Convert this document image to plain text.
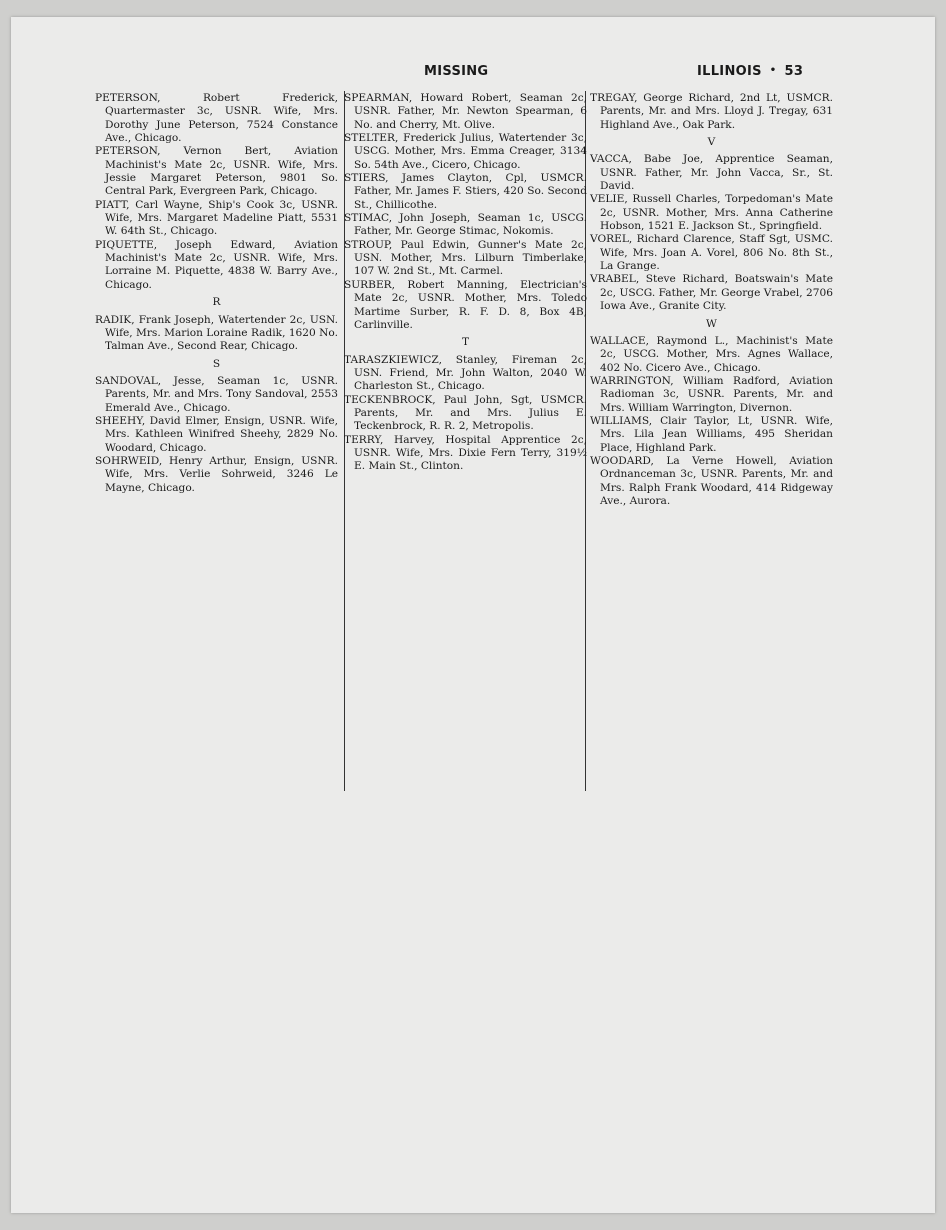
MISSING	ILLINOIS • 53

PETERSON, Robert Frederick, Quartermaster 3c, USNR. Wife, Mrs. Dorothy June Peterson, 7524 Constance Ave., Chicago.

PETERSON, Vernon Bert, Aviation Machinist's Mate 2c, USNR. Wife, Mrs. Jessie Margaret Peterson, 9801 So. Central Park, Evergreen Park, Chicago.

PIATT, Carl Wayne, Ship's Cook 3c, USNR. Wife, Mrs. Margaret Madeline Piatt, 5531 W. 64th St., Chicago.

PIQUETTE, Joseph Edward, Aviation Machinist's Mate 2c, USNR. Wife, Mrs. Lorraine M. Piquette, 4838 W. Barry Ave., Chicago.

R

RADIK, Frank Joseph, Watertender 2c, USN. Wife, Mrs. Marion Loraine Radik, 1620 No. Talman Ave., Second Rear, Chicago.

S

SANDOVAL, Jesse, Seaman 1c, USNR. Parents, Mr. and Mrs. Tony Sandoval, 2553 Emerald Ave., Chicago.

SHEEHY, David Elmer, Ensign, USNR. Wife, Mrs. Kathleen Winifred Sheehy, 2829 No. Woodard, Chicago.

SOHRWEID, Henry Arthur, Ensign, USNR. Wife, Mrs. Verlie Sohrweid, 3246 Le Mayne, Chicago.

SPEARMAN, Howard Robert, Seaman 2c, USNR. Father, Mr. Newton Spearman, 6 No. and Cherry, Mt. Olive.

STELTER, Frederick Julius, Watertender 3c, USCG. Mother, Mrs. Emma Creager, 3134 So. 54th Ave., Cicero, Chicago.

STIERS, James Clayton, Cpl, USMCR. Father, Mr. James F. Stiers, 420 So. Second St., Chillicothe.

STIMAC, John Joseph, Seaman 1c, USCG. Father, Mr. George Stimac, Nokomis.

STROUP, Paul Edwin, Gunner's Mate 2c, USN. Mother, Mrs. Lilburn Timberlake, 107 W. 2nd St., Mt. Carmel.

SURBER, Robert Manning, Electrician's Mate 2c, USNR. Mother, Mrs. Toledo Martime Surber, R. F. D. 8, Box 4B, Carlinville.

T

TARASZKIEWICZ, Stanley, Fireman 2c, USN. Friend, Mr. John Walton, 2040 W. Charleston St., Chicago.

TECKENBROCK, Paul John, Sgt, USMCR. Parents, Mr. and Mrs. Julius E. Teckenbrock, R. R. 2, Metropolis.

TERRY, Harvey, Hospital Apprentice 2c, USNR. Wife, Mrs. Dixie Fern Terry, 319½ E. Main St., Clinton.

TREGAY, George Richard, 2nd Lt, USMCR. Parents, Mr. and Mrs. Lloyd J. Tregay, 631 Highland Ave., Oak Park.

V

VACCA, Babe Joe, Apprentice Seaman, USNR. Father, Mr. John Vacca, Sr., St. David.

VELIE, Russell Charles, Torpedoman's Mate 2c, USNR. Mother, Mrs. Anna Catherine Hobson, 1521 E. Jackson St., Springfield.

VOREL, Richard Clarence, Staff Sgt, USMC. Wife, Mrs. Joan A. Vorel, 806 No. 8th St., La Grange.

VRABEL, Steve Richard, Boatswain's Mate 2c, USCG. Father, Mr. George Vrabel, 2706 Iowa Ave., Granite City.

W

WALLACE, Raymond L., Machinist's Mate 2c, USCG. Mother, Mrs. Agnes Wallace, 402 No. Cicero Ave., Chicago.

WARRINGTON, William Radford, Aviation Radioman 3c, USNR. Parents, Mr. and Mrs. William Warrington, Divernon.

WILLIAMS, Clair Taylor, Lt, USNR. Wife, Mrs. Lila Jean Williams, 495 Sheridan Place, Highland Park.

WOODARD, La Verne Howell, Aviation Ordnanceman 3c, USNR. Parents, Mr. and Mrs. Ralph Frank Woodard, 414 Ridgeway Ave., Aurora.
